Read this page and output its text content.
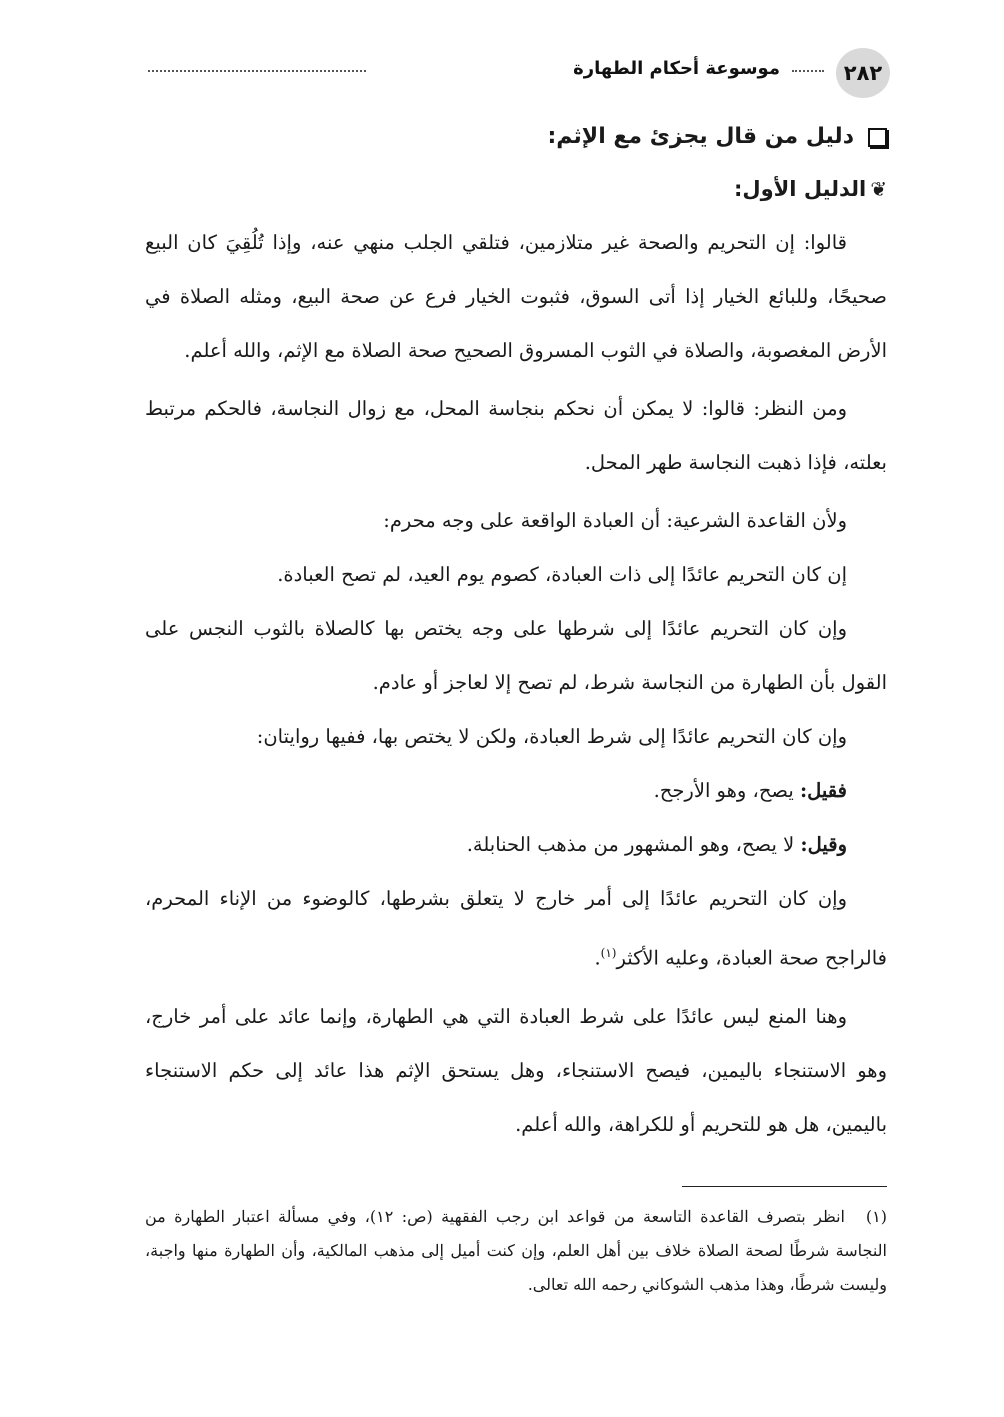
٢٨٢
موسوعة أحكام الطهارة
دليل من قال يجزئ مع الإثم:
❦
الدليل الأول:

قالوا: إن التحريم والصحة غير متلازمين، فتلقي الجلب منهي عنه، وإذا تُلُقِيَ كان البيع صحيحًا، وللبائع الخيار إذا أتى السوق، فثبوت الخيار فرع عن صحة البيع، ومثله الصلاة في الأرض المغصوبة، والصلاة في الثوب المسروق الصحيح صحة الصلاة مع الإثم، والله أعلم.

ومن النظر: قالوا: لا يمكن أن نحكم بنجاسة المحل، مع زوال النجاسة، فالحكم مرتبط بعلته، فإذا ذهبت النجاسة طهر المحل.

ولأن القاعدة الشرعية: أن العبادة الواقعة على وجه محرم:

إن كان التحريم عائدًا إلى ذات العبادة، كصوم يوم العيد، لم تصح العبادة.

وإن كان التحريم عائدًا إلى شرطها على وجه يختص بها كالصلاة بالثوب النجس على القول بأن الطهارة من النجاسة شرط، لم تصح إلا لعاجز أو عادم.

وإن كان التحريم عائدًا إلى شرط العبادة، ولكن لا يختص بها، ففيها روايتان:

فقيل: يصح، وهو الأرجح.

وقيل: لا يصح، وهو المشهور من مذهب الحنابلة.

وإن كان التحريم عائدًا إلى أمر خارج لا يتعلق بشرطها، كالوضوء من الإناء المحرم، فالراجح صحة العبادة، وعليه الأكثر$^{(١)}$.

وهنا المنع ليس عائدًا على شرط العبادة التي هي الطهارة، وإنما عائد على أمر خارج، وهو الاستنجاء باليمين، فيصح الاستنجاء، وهل يستحق الإثم هذا عائد إلى حكم الاستنجاء باليمين، هل هو للتحريم أو للكراهة، والله أعلم.

(١)انظر بتصرف القاعدة التاسعة من قواعد ابن رجب الفقهية (ص: ١٢)، وفي مسألة اعتبار الطهارة من النجاسة شرطًا لصحة الصلاة خلاف بين أهل العلم، وإن كنت أميل إلى مذهب المالكية، وأن الطهارة منها واجبة، وليست شرطًا، وهذا مذهب الشوكاني رحمه الله تعالى.
